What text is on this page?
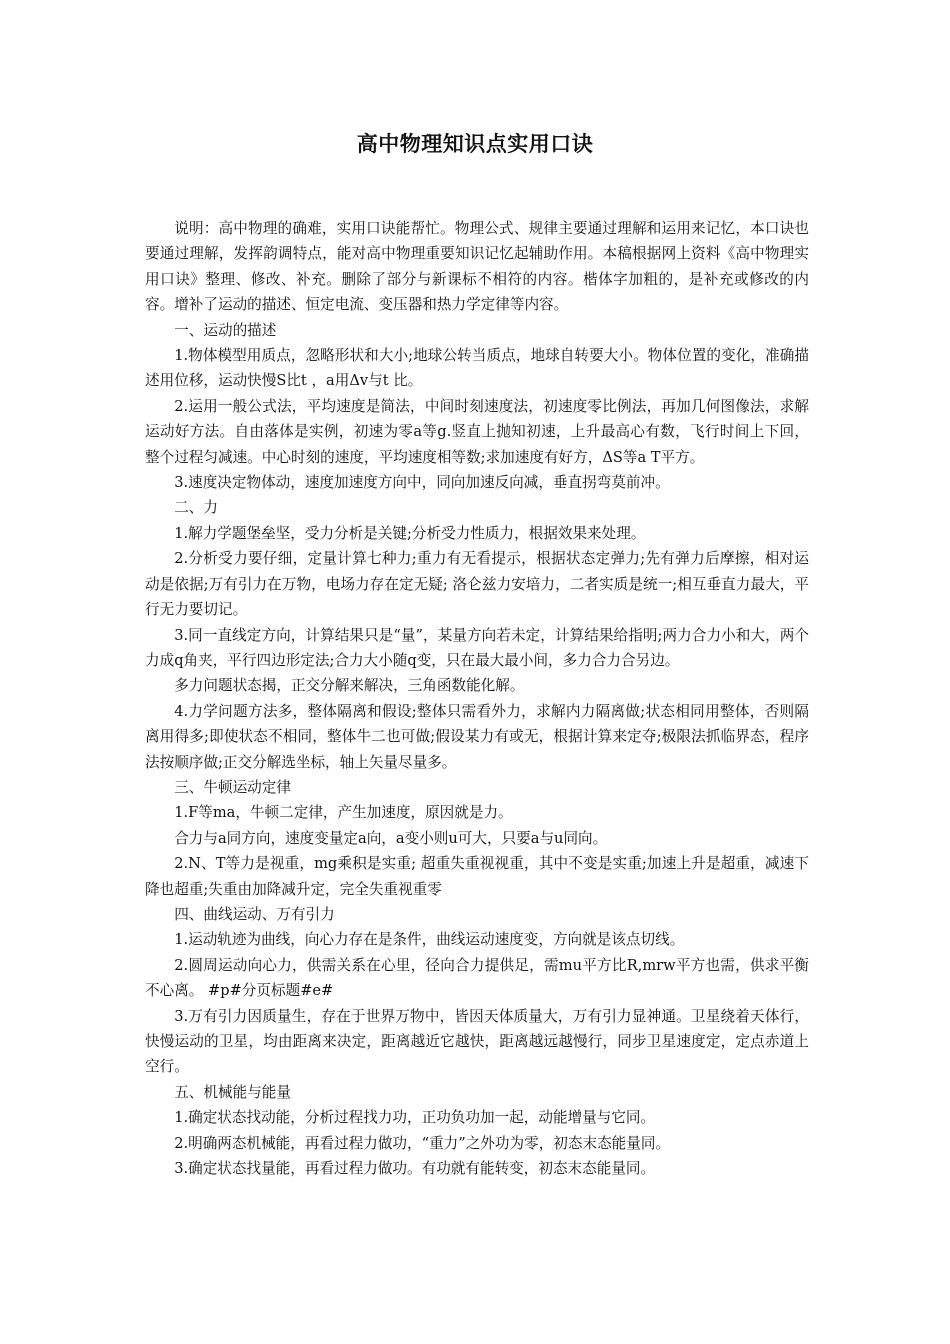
高中物理知识点实用口诀

说明：高中物理的确难，实用口诀能帮忙。物理公式、规律主要通过理解和运用来记忆，本口诀也要通过理解，发挥韵调特点，能对高中物理重要知识记忆起辅助作用。本稿根据网上资料《高中物理实用口诀》整理、修改、补充。删除了部分与新课标不相符的内容。楷体字加粗的，是补充或修改的内容。增补了运动的描述、恒定电流、变压器和热力学定律等内容。

一、运动的描述

1.物体模型用质点，忽略形状和大小;地球公转当质点，地球自转要大小。物体位置的变化，准确描述用位移，运动快慢S比t ，a用Δv与t 比。

2.运用一般公式法，平均速度是简法，中间时刻速度法，初速度零比例法，再加几何图像法，求解运动好方法。自由落体是实例，初速为零a等g.竖直上抛知初速，上升最高心有数，飞行时间上下回，整个过程匀减速。中心时刻的速度，平均速度相等数;求加速度有好方，ΔS等a T平方。

3.速度决定物体动，速度加速度方向中，同向加速反向减，垂直拐弯莫前冲。

二、力

1.解力学题堡垒坚，受力分析是关键;分析受力性质力，根据效果来处理。

2.分析受力要仔细，定量计算七种力;重力有无看提示，根据状态定弹力;先有弹力后摩擦，相对运动是依据;万有引力在万物，电场力存在定无疑; 洛仑兹力安培力，二者实质是统一;相互垂直力最大，平行无力要切记。

3.同一直线定方向，计算结果只是“量”，某量方向若未定，计算结果给指明;两力合力小和大，两个力成q角夹，平行四边形定法;合力大小随q变，只在最大最小间，多力合力合另边。

多力问题状态揭，正交分解来解决，三角函数能化解。

4.力学问题方法多，整体隔离和假设;整体只需看外力，求解内力隔离做;状态相同用整体，否则隔离用得多;即使状态不相同，整体牛二也可做;假设某力有或无，根据计算来定夺;极限法抓临界态，程序法按顺序做;正交分解选坐标，轴上矢量尽量多。

三、牛顿运动定律

1.F等ma，牛顿二定律，产生加速度，原因就是力。

合力与a同方向，速度变量定a向，a变小则u可大，只要a与u同向。

2.N、T等力是视重，mg乘积是实重; 超重失重视视重，其中不变是实重;加速上升是超重，减速下降也超重;失重由加降减升定，完全失重视重零

四、曲线运动、万有引力

1.运动轨迹为曲线，向心力存在是条件，曲线运动速度变，方向就是该点切线。

2.圆周运动向心力，供需关系在心里，径向合力提供足，需mu平方比R,mrw平方也需，供求平衡不心离。 #p#分页标题#e#

3.万有引力因质量生，存在于世界万物中，皆因天体质量大，万有引力显神通。卫星绕着天体行，快慢运动的卫星，均由距离来决定，距离越近它越快，距离越远越慢行，同步卫星速度定，定点赤道上空行。

五、机械能与能量

1.确定状态找动能，分析过程找力功，正功负功加一起，动能增量与它同。

2.明确两态机械能，再看过程力做功，“重力”之外功为零，初态末态能量同。

3.确定状态找量能，再看过程力做功。有功就有能转变，初态末态能量同。
